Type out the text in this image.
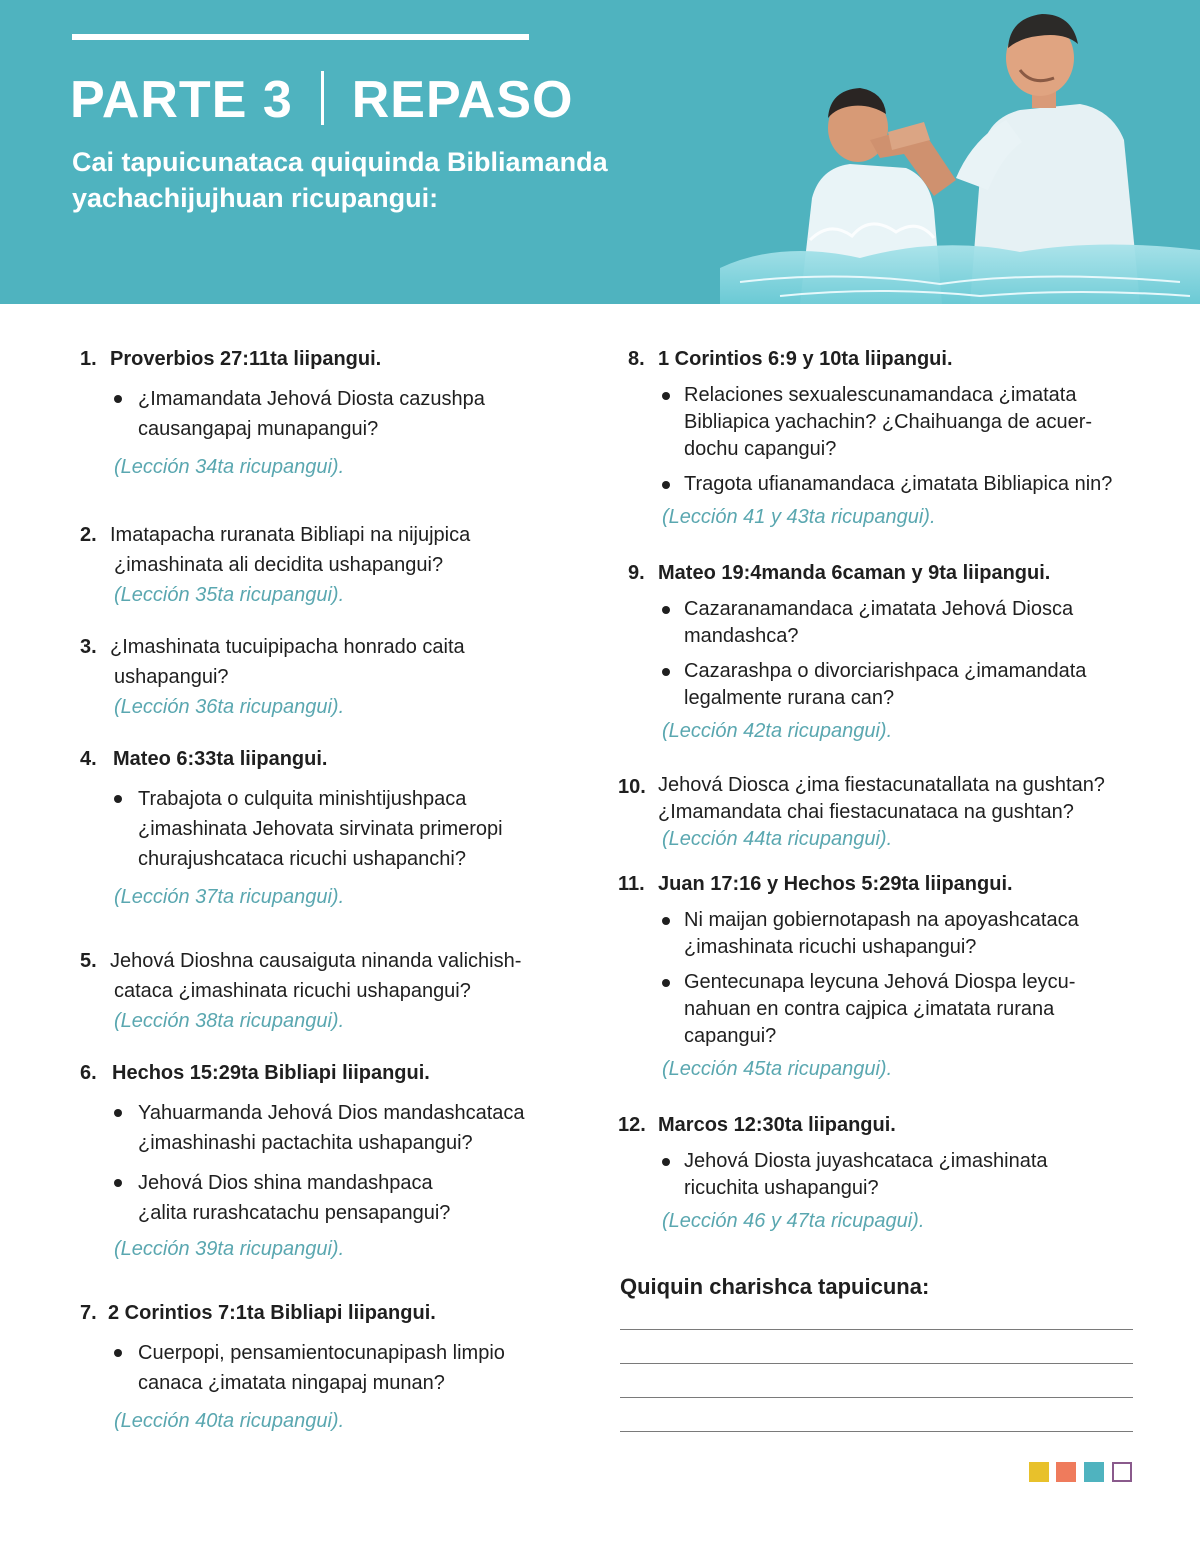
PARTE 3 REPASO

Cai tapuicunataca quiquinda Bibliamanda yachachijujhuan ricupangui:

1. Proverbios 27:11ta liipangui.
¿Imamandata Jehová Diosta cazushpa
causangapaj munapangui?
(Lección 34ta ricupangui).
2. Imatapacha ruranata Bibliapi na nijujpica
¿imashinata ali decidita ushapangui?
(Lección 35ta ricupangui).
3. ¿Imashinata tucuipipacha honrado caita
ushapangui?
(Lección 36ta ricupangui).
4. Mateo 6:33ta liipangui.
Trabajota o culquita minishtijushpaca
¿imashinata Jehovata sirvinata primeropi
churajushcataca ricuchi ushapanchi?
(Lección 37ta ricupangui).
5. Jehová Dioshna causaiguta ninanda valichish-
cataca ¿imashinata ricuchi ushapangui?
(Lección 38ta ricupangui).
6. Hechos 15:29ta Bibliapi liipangui.
Yahuarmanda Jehová Dios mandashcataca
¿imashinashi pactachita ushapangui?
Jehová Dios shina mandashpaca
¿alita rurashcatachu pensapangui?
(Lección 39ta ricupangui).
7. 2 Corintios 7:1ta Bibliapi liipangui.
Cuerpopi, pensamientocunapipash limpio
canaca ¿imatata ningapaj munan?
(Lección 40ta ricupangui).
8. 1 Corintios 6:9 y 10ta liipangui.
Relaciones sexualescunamandaca ¿imatata
Bibliapica yachachin? ¿Chaihuanga de acuer-
dochu capangui?
Tragota ufianamandaca ¿imatata Bibliapica nin?
(Lección 41 y 43ta ricupangui).
9. Mateo 19:4manda 6caman y 9ta liipangui.
Cazaranamandaca ¿imatata Jehová Diosca
mandashca?
Cazarashpa o divorciarishpaca ¿imamandata
legalmente rurana can?
(Lección 42ta ricupangui).
10. Jehová Diosca ¿ima fiestacunatallata na gushtan?
¿Imamandata chai fiestacunataca na gushtan?
(Lección 44ta ricupangui).
11. Juan 17:16 y Hechos 5:29ta liipangui.
Ni maijan gobiernotapash na apoyashcataca
¿imashinata ricuchi ushapangui?
Gentecunapa leycuna Jehová Diospa leycu-
nahuan en contra cajpica ¿imatata rurana
capangui?
(Lección 45ta ricupangui).
12. Marcos 12:30ta liipangui.
Jehová Diosta juyashcataca ¿imashinata
ricuchita ushapangui?
(Lección 46 y 47ta ricupagui).
Quiquin charishca tapuicuna:
